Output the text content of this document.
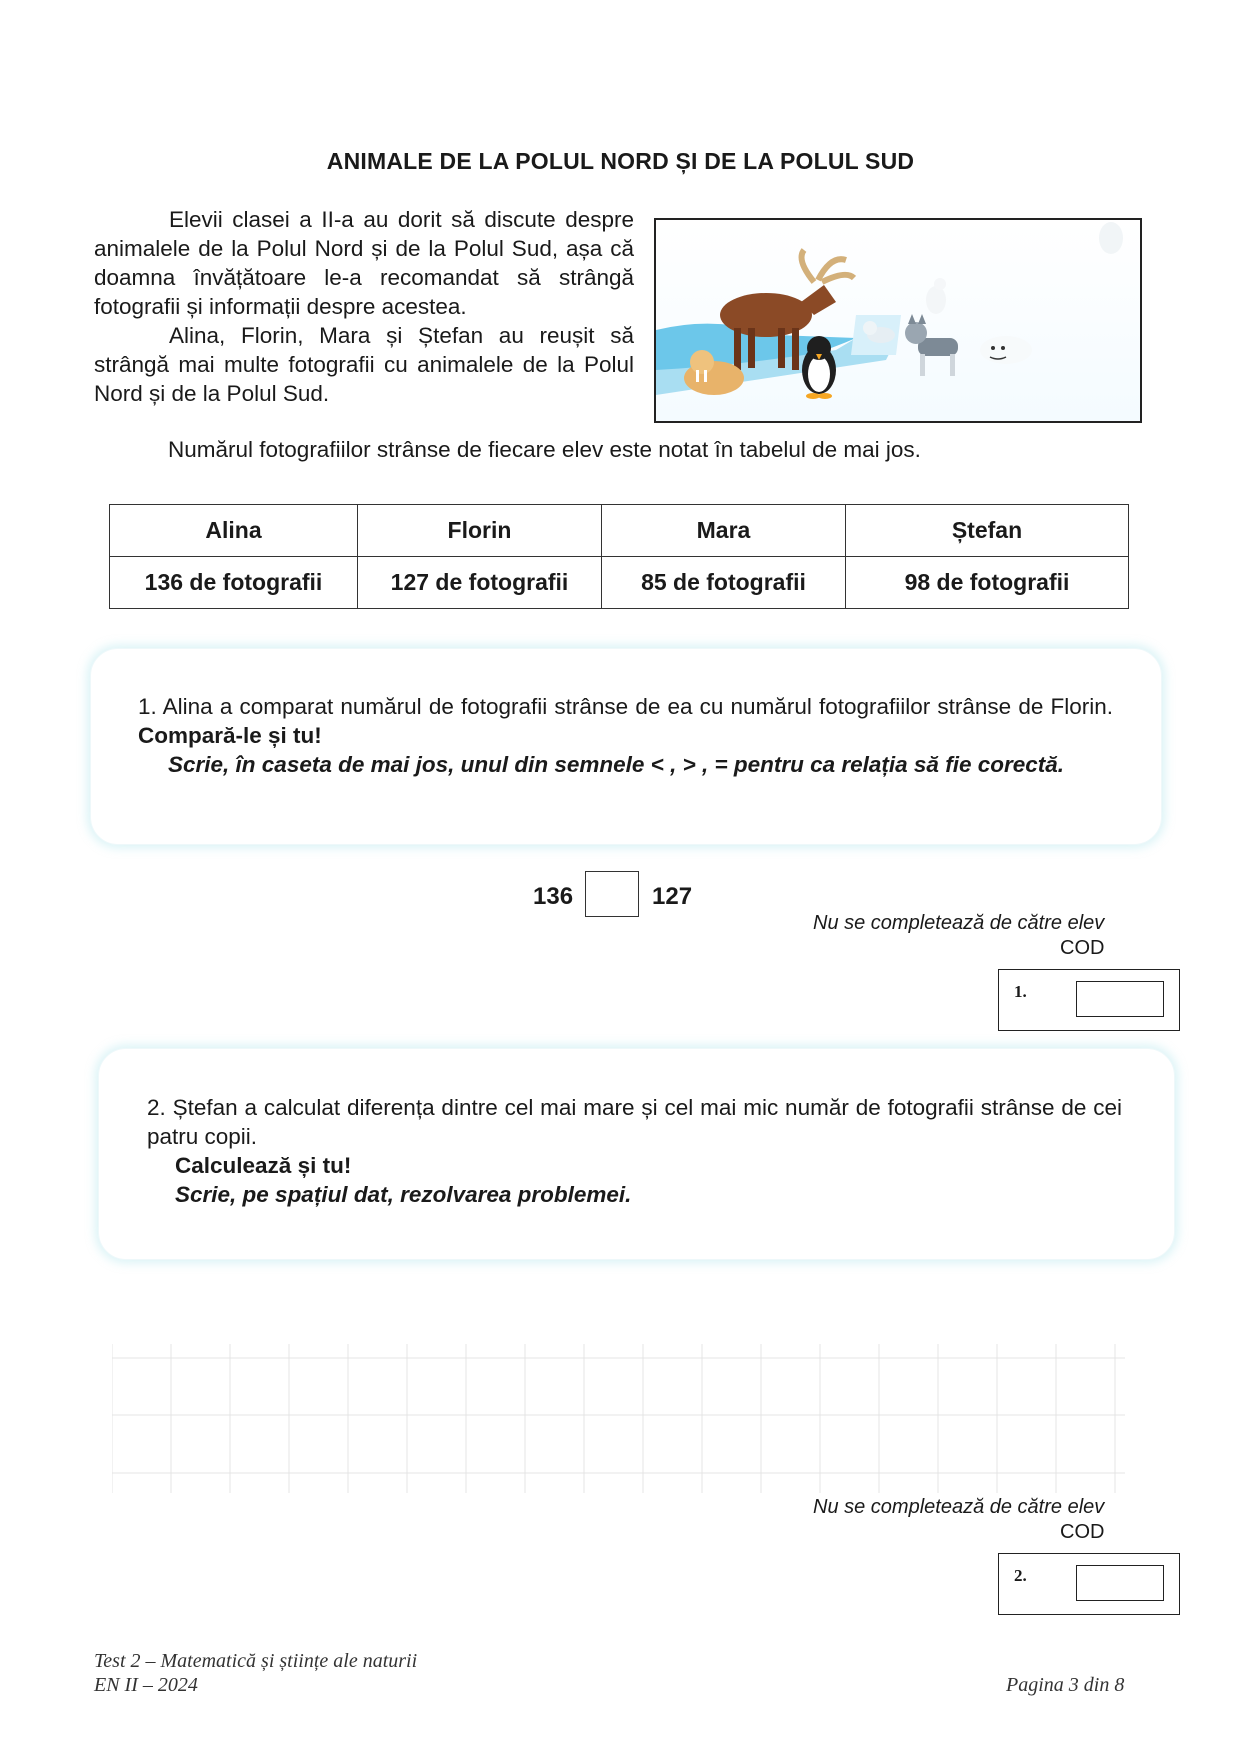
ANIMALE DE LA POLUL NORD ȘI DE LA POLUL SUD

Elevii clasei a II-a au dorit să discute despre animalele de la Polul Nord și de la Polul Sud, așa că doamna învățătoare le-a recomandat să strângă fotografii și informații despre acestea.

Alina, Florin, Mara și Ștefan au reușit să strângă mai multe fotografii cu animalele de la Polul Nord și de la Polul Sud.

Numărul fotografiilor strânse de fiecare elev este notat în tabelul de mai jos.
Alina	Florin	Mara	Ștefan
136 de fotografii	127 de fotografii	85 de fotografii	98 de fotografii

1. Alina a comparat numărul de fotografii strânse de ea cu numărul fotografiilor strânse de Florin. Compară-le și tu!

Scrie, în caseta de mai jos, unul din semnele < , > , = pentru ca relația să fie corectă.

136	127
Nu se completează de către elev
COD
1.

2. Ștefan a calculat diferența dintre cel mai mare și cel mai mic număr de fotografii strânse de cei patru copii.

Calculează și tu!

Scrie, pe spațiul dat, rezolvarea problemei.

Nu se completează de către elev
COD
2.
Test 2 – Matematică și științe ale naturii
EN II – 2024	Pagina 3 din 8
